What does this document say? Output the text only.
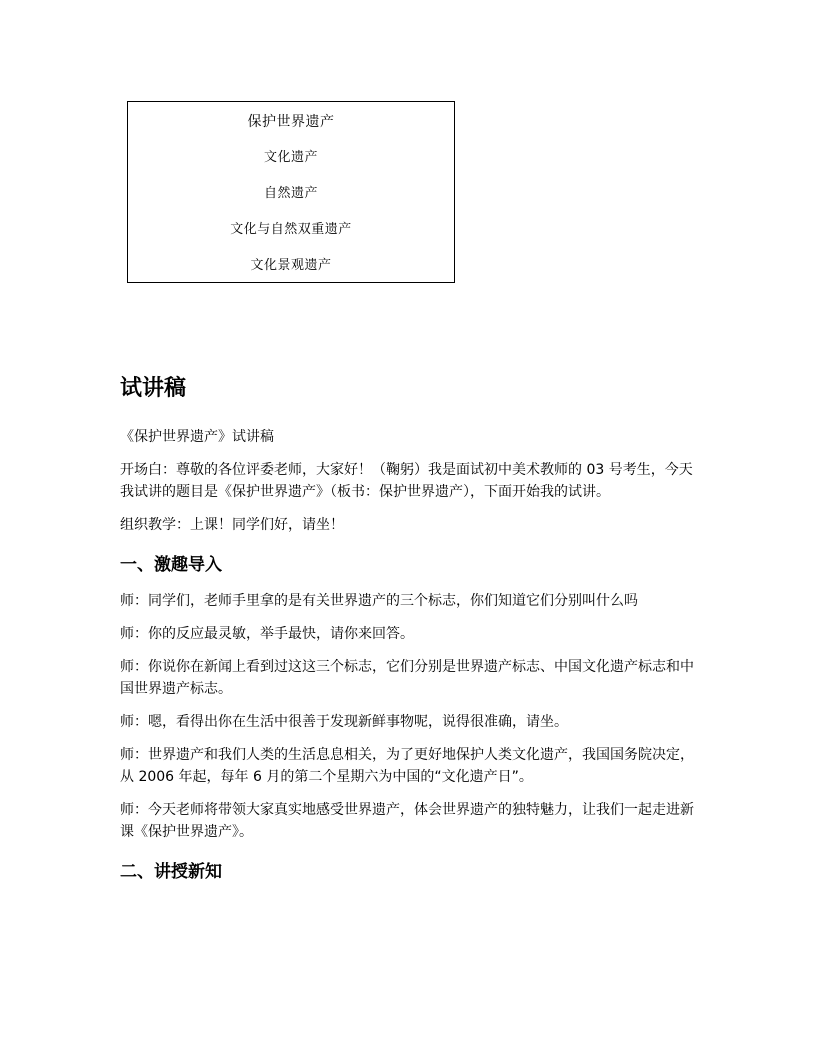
保护世界遗产
文化遗产
自然遗产
文化与自然双重遗产
文化景观遗产
试讲稿

《保护世界遗产》试讲稿

开场白：尊敬的各位评委老师，大家好！（鞠躬）我是面试初中美术教师的 03 号考生，今天我试讲的题目是《保护世界遗产》（板书：保护世界遗产），下面开始我的试讲。

组织教学：上课！同学们好，请坐！

一、激趣导入

师：同学们，老师手里拿的是有关世界遗产的三个标志，你们知道它们分别叫什么吗

师：你的反应最灵敏，举手最快，请你来回答。

师：你说你在新闻上看到过这这三个标志，它们分别是世界遗产标志、中国文化遗产标志和中国世界遗产标志。

师：嗯，看得出你在生活中很善于发现新鲜事物呢，说得很准确，请坐。

师：世界遗产和我们人类的生活息息相关，为了更好地保护人类文化遗产，我国国务院决定，从 2006 年起，每年 6 月的第二个星期六为中国的“文化遗产日”。

师：今天老师将带领大家真实地感受世界遗产，体会世界遗产的独特魅力，让我们一起走进新课《保护世界遗产》。

二、讲授新知
